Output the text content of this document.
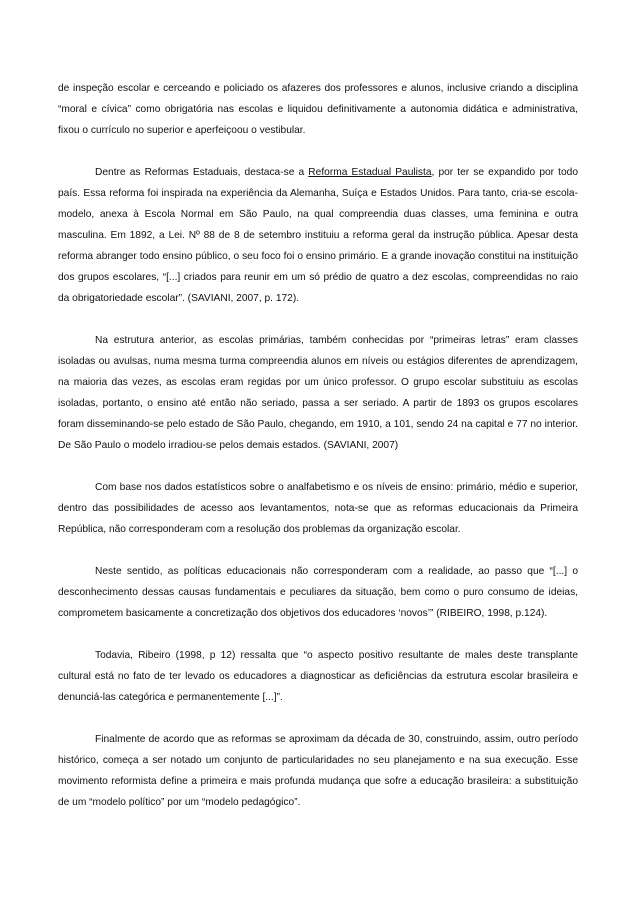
de inspeção escolar e cerceando e policiado os afazeres dos professores e alunos, inclusive criando a disciplina “moral e cívica” como obrigatória nas escolas e liquidou definitivamente a autonomia didática e administrativa, fixou o currículo no superior e aperfeiçoou o vestibular.

Dentre as Reformas Estaduais, destaca-se a Reforma Estadual Paulista, por ter se expandido por todo país. Essa reforma foi inspirada na experiência da Alemanha, Suíça e Estados Unidos. Para tanto, cria-se escola-modelo, anexa à Escola Normal em São Paulo, na qual compreendia duas classes, uma feminina e outra masculina. Em 1892, a Lei. Nº 88 de 8 de setembro instituiu a reforma geral da instrução pública. Apesar desta reforma abranger todo ensino público, o seu foco foi o ensino primário. E a grande inovação constitui na instituição dos grupos escolares, “[...] criados para reunir em um só prédio de quatro a dez escolas, compreendidas no raio da obrigatoriedade escolar”. (SAVIANI, 2007, p. 172).

Na estrutura anterior, as escolas primárias, também conhecidas por “primeiras letras” eram classes isoladas ou avulsas, numa mesma turma compreendia alunos em níveis ou estágios diferentes de aprendizagem, na maioria das vezes, as escolas eram regidas por um único professor. O grupo escolar substituiu as escolas isoladas, portanto, o ensino até então não seriado, passa a ser seriado. A partir de 1893 os grupos escolares foram disseminando-se pelo estado de São Paulo, chegando, em 1910, a 101, sendo 24 na capital e 77 no interior. De São Paulo o modelo irradiou-se pelos demais estados. (SAVIANI, 2007)

Com base nos dados estatísticos sobre o analfabetismo e os níveis de ensino: primário, médio e superior, dentro das possibilidades de acesso aos levantamentos, nota-se que as reformas educacionais da Primeira República, não corresponderam com a resolução dos problemas da organização escolar.

Neste sentido, as políticas educacionais não corresponderam com a realidade, ao passo que “[...] o desconhecimento dessas causas fundamentais e peculiares da situação, bem como o puro consumo de ideias, comprometem basicamente a concretização dos objetivos dos educadores ‘novos’” (RIBEIRO, 1998, p.124).

Todavia, Ribeiro (1998, p 12) ressalta que “o aspecto positivo resultante de males deste transplante cultural está no fato de ter levado os educadores a diagnosticar as deficiências da estrutura escolar brasileira e denunciá-las categórica e permanentemente [...]”.

Finalmente de acordo que as reformas se aproximam da década de 30, construindo, assim, outro período histórico, começa a ser notado um conjunto de particularidades no seu planejamento e na sua execução. Esse movimento reformista define a primeira e mais profunda mudança que sofre a educação brasileira: a substituição de um “modelo político” por um “modelo pedagógico”.
